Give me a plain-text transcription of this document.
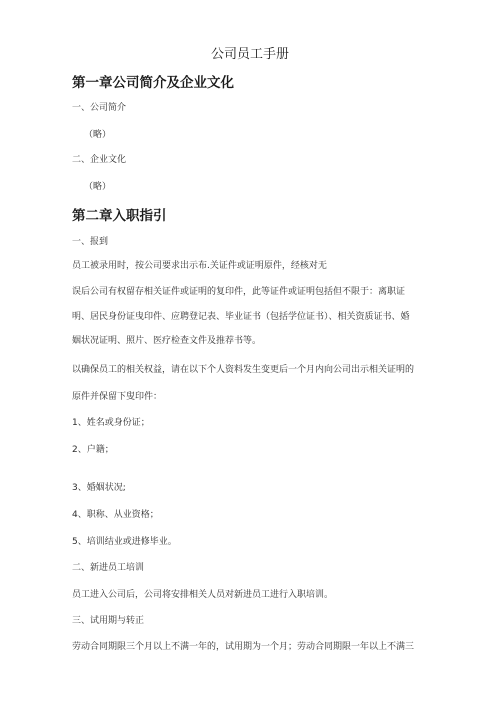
公司员工手册
第一章公司简介及企业文化
一、公司简介
（略）
二、企业文化
（略）
第二章入职指引
一、报到
员工被录用时，按公司要求出示布.关证件或证明原件，经核对无
误后公司有权留存相关证件或证明的复印件，此等证件或证明包括但不限于：离职证
明、居民身份证曳印件、应聘登记表、毕业证书（包括学位证书）、相关资质证书、婚
姻状况证明、照片、医疗检查文件及推荐书等。
以确保员工的相关权益，请在以下个人资料发生变更后一个月内向公司出示相关证明的
原件并保留下叟印件：
1、姓名或身份证；
2、户籍；
3、婚姻状况;
4、职称、从业资格；
5、培训结业或进修毕业。
二、新进员工培训
员工进入公司后，公司将安排相关人员对新进员工进行入职培训。
三、试用期与转正
劳动合同期限三个月以上不满一年的，试用期为一个月；劳动合同期限一年以上不满三
